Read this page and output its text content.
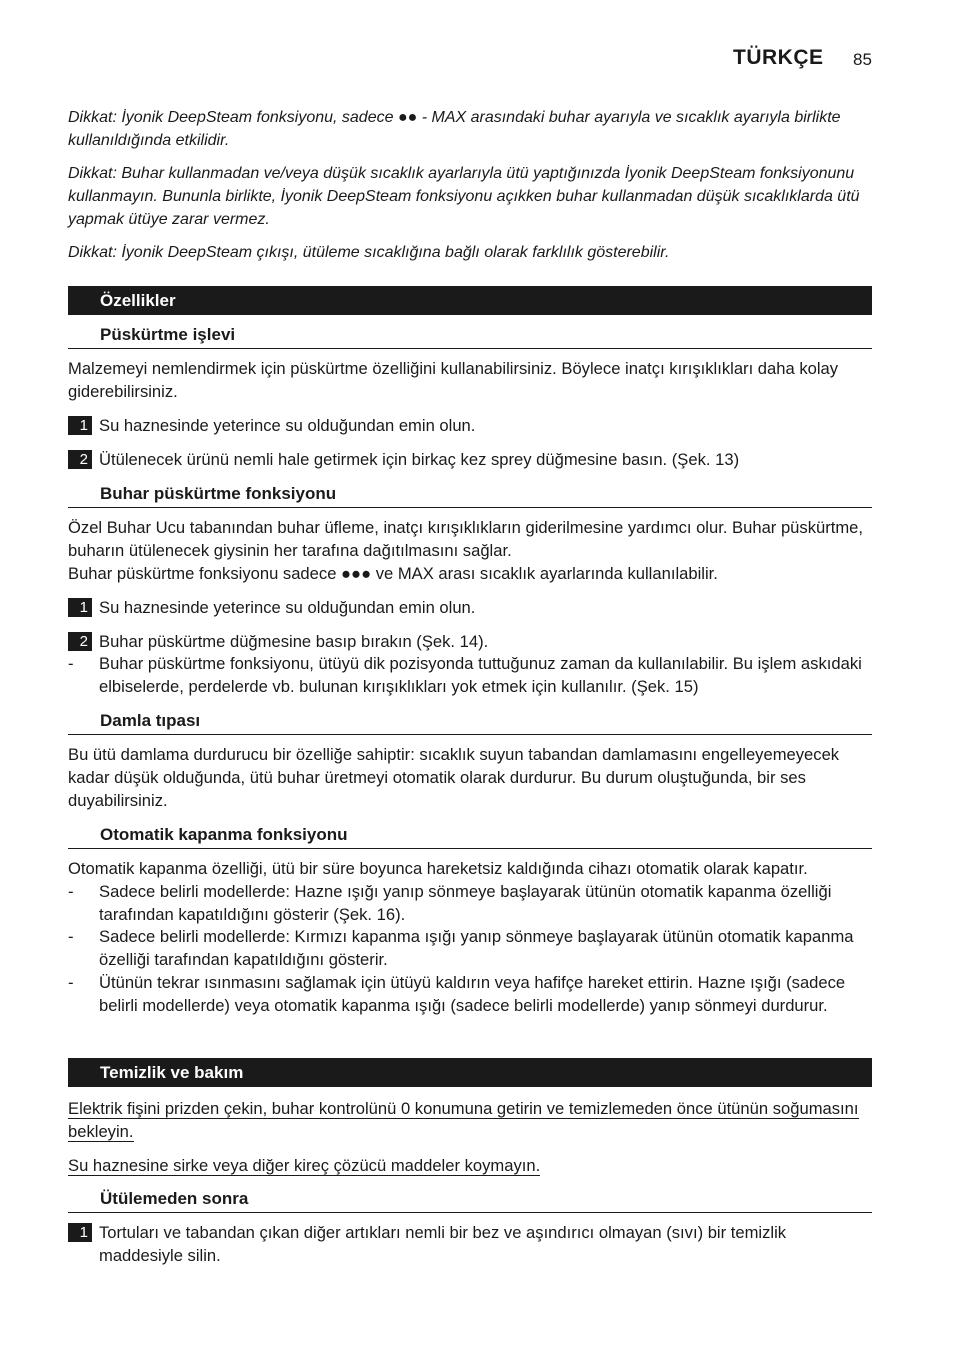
TÜRKÇE 85

Dikkat: İyonik DeepSteam fonksiyonu, sadece ●● - MAX arasındaki buhar ayarıyla ve sıcaklık ayarıyla birlikte kullanıldığında etkilidir.

Dikkat: Buhar kullanmadan ve/veya düşük sıcaklık ayarlarıyla ütü yaptığınızda İyonik DeepSteam fonksiyonunu kullanmayın. Bununla birlikte, İyonik DeepSteam fonksiyonu açıkken buhar kullanmadan düşük sıcaklıklarda ütü yapmak ütüye zarar vermez.

Dikkat: İyonik DeepSteam çıkışı, ütüleme sıcaklığına bağlı olarak farklılık gösterebilir.

Özellikler
Püskürtme işlevi
Malzemeyi nemlendirmek için püskürtme özelliğini kullanabilirsiniz. Böylece inatçı kırışıklıkları daha kolay giderebilirsiniz.
1 Su haznesinde yeterince su olduğundan emin olun.
2 Ütülenecek ürünü nemli hale getirmek için birkaç kez sprey düğmesine basın. (Şek. 13)
Buhar püskürtme fonksiyonu
Özel Buhar Ucu tabanından buhar üfleme, inatçı kırışıklıkların giderilmesine yardımcı olur. Buhar püskürtme, buharın ütülenecek giysinin her tarafına dağıtılmasını sağlar.
Buhar püskürtme fonksiyonu sadece ●●● ve MAX arası sıcaklık ayarlarında kullanılabilir.
1 Su haznesinde yeterince su olduğundan emin olun.
2 Buhar püskürtme düğmesine basıp bırakın (Şek. 14).
- Buhar püskürtme fonksiyonu, ütüyü dik pozisyonda tuttuğunuz zaman da kullanılabilir. Bu işlem askıdaki elbiselerde, perdelerde vb. bulunan kırışıklıkları yok etmek için kullanılır. (Şek. 15)
Damla tıpası
Bu ütü damlama durdurucu bir özelliğe sahiptir: sıcaklık suyun tabandan damlamasını engelleyemeyecek kadar düşük olduğunda, ütü buhar üretmeyi otomatik olarak durdurur. Bu durum oluştuğunda, bir ses duyabilirsiniz.
Otomatik kapanma fonksiyonu
Otomatik kapanma özelliği, ütü bir süre boyunca hareketsiz kaldığında cihazı otomatik olarak kapatır.
- Sadece belirli modellerde: Hazne ışığı yanıp sönmeye başlayarak ütünün otomatik kapanma özelliği tarafından kapatıldığını gösterir (Şek. 16).
- Sadece belirli modellerde: Kırmızı kapanma ışığı yanıp sönmeye başlayarak ütünün otomatik kapanma özelliği tarafından kapatıldığını gösterir.
- Ütünün tekrar ısınmasını sağlamak için ütüyü kaldırın veya hafifçe hareket ettirin. Hazne ışığı (sadece belirli modellerde) veya otomatik kapanma ışığı (sadece belirli modellerde) yanıp sönmeyi durdurur.
Temizlik ve bakım
Elektrik fişini prizden çekin, buhar kontrolünü 0 konumuna getirin ve temizlemeden önce ütünün soğumasını bekleyin.
Su haznesine sirke veya diğer kireç çözücü maddeler koymayın.
Ütülemeden sonra
1 Tortuları ve tabandan çıkan diğer artıkları nemli bir bez ve aşındırıcı olmayan (sıvı) bir temizlik maddesiyle silin.
